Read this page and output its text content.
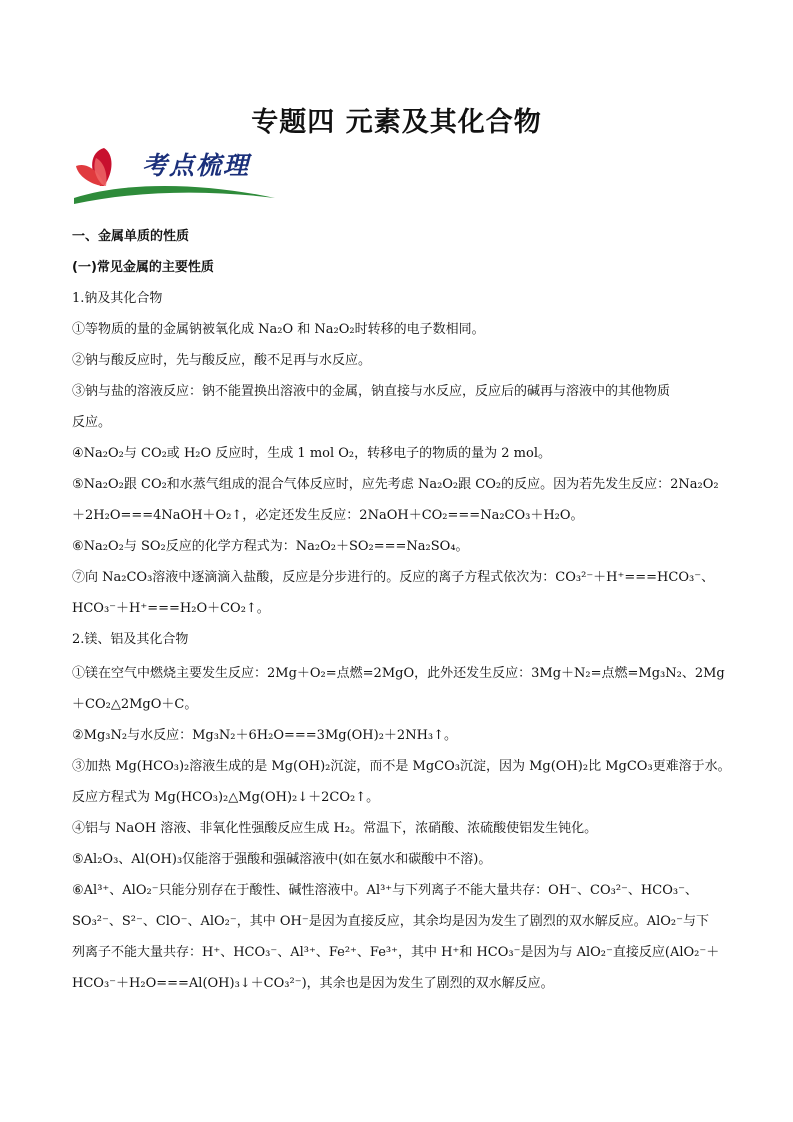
专题四 元素及其化合物
考点梳理

一、金属单质的性质

(一)常见金属的主要性质

1.钠及其化合物

①等物质的量的金属钠被氧化成 Na₂O 和 Na₂O₂时转移的电子数相同。

②钠与酸反应时，先与酸反应，酸不足再与水反应。

③钠与盐的溶液反应：钠不能置换出溶液中的金属，钠直接与水反应，反应后的碱再与溶液中的其他物质

反应。

④Na₂O₂与 CO₂或 H₂O 反应时，生成 1 mol O₂，转移电子的物质的量为 2 mol。

⑤Na₂O₂跟 CO₂和水蒸气组成的混合气体反应时，应先考虑 Na₂O₂跟 CO₂的反应。因为若先发生反应：2Na₂O₂

＋2H₂O===4NaOH＋O₂↑，必定还发生反应：2NaOH＋CO₂===Na₂CO₃＋H₂O。

⑥Na₂O₂与 SO₂反应的化学方程式为：Na₂O₂＋SO₂===Na₂SO₄。

⑦向 Na₂CO₃溶液中逐滴滴入盐酸，反应是分步进行的。反应的离子方程式依次为：CO₃²⁻＋H⁺===HCO₃⁻、

HCO₃⁻＋H⁺===H₂O＋CO₂↑。

2.镁、铝及其化合物

①镁在空气中燃烧主要发生反应：2Mg＋O₂=点燃=2MgO，此外还发生反应：3Mg＋N₂=点燃=Mg₃N₂、2Mg

＋CO₂△2MgO＋C。

②Mg₃N₂与水反应：Mg₃N₂＋6H₂O===3Mg(OH)₂＋2NH₃↑。

③加热 Mg(HCO₃)₂溶液生成的是 Mg(OH)₂沉淀，而不是 MgCO₃沉淀，因为 Mg(OH)₂比 MgCO₃更难溶于水。

反应方程式为 Mg(HCO₃)₂△Mg(OH)₂↓＋2CO₂↑。

④铝与 NaOH 溶液、非氧化性强酸反应生成 H₂。常温下，浓硝酸、浓硫酸使铝发生钝化。

⑤Al₂O₃、Al(OH)₃仅能溶于强酸和强碱溶液中(如在氨水和碳酸中不溶)。

⑥Al³⁺、AlO₂⁻只能分别存在于酸性、碱性溶液中。Al³⁺与下列离子不能大量共存：OH⁻、CO₃²⁻、HCO₃⁻、

SO₃²⁻、S²⁻、ClO⁻、AlO₂⁻，其中 OH⁻是因为直接反应，其余均是因为发生了剧烈的双水解反应。AlO₂⁻与下

列离子不能大量共存：H⁺、HCO₃⁻、Al³⁺、Fe²⁺、Fe³⁺，其中 H⁺和 HCO₃⁻是因为与 AlO₂⁻直接反应(AlO₂⁻＋

HCO₃⁻＋H₂O===Al(OH)₃↓＋CO₃²⁻)，其余也是因为发生了剧烈的双水解反应。
